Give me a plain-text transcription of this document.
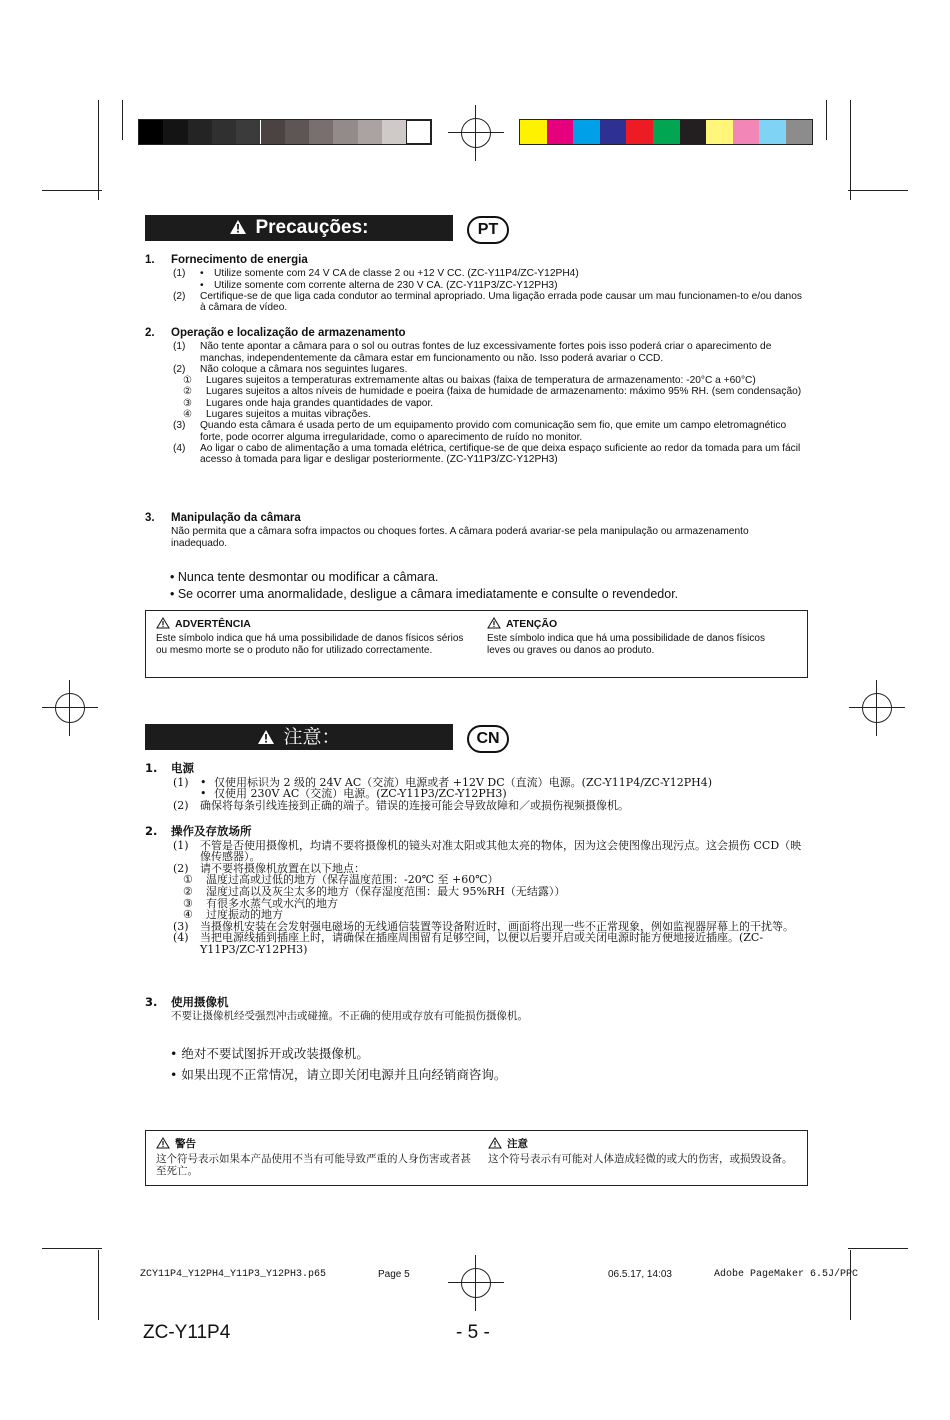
Precauções:	PT
1. Fornecimento de energia
(1) •	Utilize somente com 24 V CA de classe 2 ou +12 V CC. (ZC-Y11P4/ZC-Y12PH4)
•	Utilize somente com corrente alterna de 230 V CA. (ZC-Y11P3/ZC-Y12PH3)
(2)	Certifique-se de que liga cada condutor ao terminal apropriado. Uma ligação errada pode causar um mau funcionamen-to e/ou danos à câmara de vídeo.
2. Operação e localização de armazenamento
(1)	Não tente apontar a câmara para o sol ou outras fontes de luz excessivamente fortes pois isso poderá criar o aparecimento de manchas, independentemente da câmara estar em funcionamento ou não. Isso poderá avariar o CCD.
(2)	Não coloque a câmara nos seguintes lugares.
①	Lugares sujeitos a temperaturas extremamente altas ou baixas (faixa de temperatura de armazenamento: -20°C a +60°C)
②	Lugares sujeitos a altos níveis de humidade e poeira (faixa de humidade de armazenamento: máximo 95% RH. (sem condensação)
③	Lugares onde haja grandes quantidades de vapor.
④	Lugares sujeitos a muitas vibrações.
(3)	Quando esta câmara é usada perto de um equipamento provido com comunicação sem fio, que emite um campo eletromagnético forte, pode ocorrer alguma irregularidade, como o aparecimento de ruído no monitor.
(4)	Ao ligar o cabo de alimentação a uma tomada elétrica, certifique-se de que deixa espaço suficiente ao redor da tomada para um fácil acesso à tomada para ligar e desligar posteriormente. (ZC-Y11P3/ZC-Y12PH3)
3. Manipulação da câmara
Não permita que a câmara sofra impactos ou choques fortes. A câmara poderá avariar-se pela manipulação ou armazenamento inadequado.
• Nunca tente desmontar ou modificar a câmara.
• Se ocorrer uma anormalidade, desligue a câmara imediatamente e consulte o revendedor.
ADVERTÊNCIA
Este símbolo indica que há uma possibilidade de danos físicos sérios ou mesmo morte se o produto não for utilizado correctamente.
ATENÇÃO
Este símbolo indica que há uma possibilidade de danos físicos leves ou graves ou danos ao produto.
注意：	CN
1. 电源
(1) • 仅使用标识为 2 级的 24V AC（交流）电源或者 +12V DC（直流）电源。(ZC-Y11P4/ZC-Y12PH4)
• 仅使用 230V AC（交流）电源。(ZC-Y11P3/ZC-Y12PH3)
(2)	确保将每条引线连接到正确的端子。错误的连接可能会导致故障和／或损伤视频摄像机。
2. 操作及存放场所
(1)	不管是否使用摄像机，均请不要将摄像机的镜头对准太阳或其他太亮的物体，因为这会使图像出现污点。这会损伤 CCD（映像传感器）。
(2)	请不要将摄像机放置在以下地点：
①	温度过高或过低的地方（保存温度范围：-20℃ 至 +60℃）
②	湿度过高以及灰尘太多的地方（保存湿度范围：最大 95%RH（无结露））
③	有很多水蒸气或水汽的地方
④	过度振动的地方
(3)	当摄像机安装在会发射强电磁场的无线通信装置等设备附近时，画面将出现一些不正常现象，例如监视器屏幕上的干扰等。
(4)	当把电源线插到插座上时，请确保在插座周围留有足够空间，以便以后要开启或关闭电源时能方便地接近插座。(ZC-Y11P3/ZC-Y12PH3)
3. 使用摄像机
不要让摄像机经受强烈冲击或碰撞。不正确的使用或存放有可能损伤摄像机。
• 绝对不要试图拆开或改装摄像机。
• 如果出现不正常情况，请立即关闭电源并且向经销商咨询。
警告
这个符号表示如果本产品使用不当有可能导致严重的人身伤害或者甚至死亡。
注意
这个符号表示有可能对人体造成轻微的或大的伤害，或损毁设备。
ZCY11P4_Y12PH4_Y11P3_Y12PH3.p65	Page 5	06.5.17, 14:03	Adobe PageMaker 6.5J/PPC
ZC-Y11P4	- 5 -
